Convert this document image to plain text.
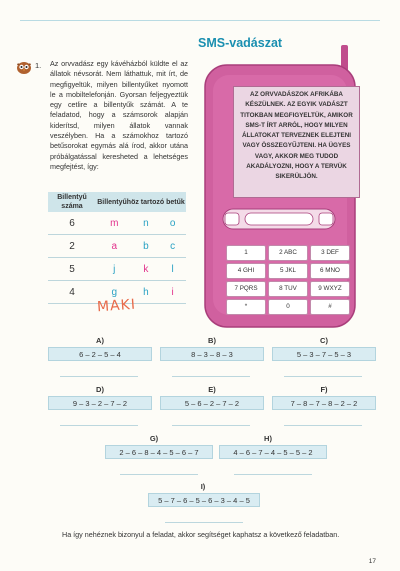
SMS-vadászat
1. Az orvvadász egy kávéházból küldte el az állatok névsorát. Nem láthattuk, mit írt, de megfigyeltük, milyen billentyűket nyomott le a mobiltelefonján. Gyorsan feljegyeztük egy cetlire a billentyűk számát. A te feladatod, hogy a számsorok alapján kiderítsd, milyen állatok vannak veszélyben. Ha a számokhoz tartozó betűsorokat egymás alá írod, akkor utána próbálgatással keresheted a lehetséges megfejtést, így:
Billentyű száma	Billentyűhöz tartozó betűk		
6	m	n	o
2	a	b	c
5	j	k	l
4	g	h	i
MAKI
AZ ORVVADÁSZOK AFRIKÁBA KÉSZÜLNEK. AZ EGYIK VADÁSZT TITOKBAN MEGFIGYELTÜK, AMIKOR SMS-T ÍRT ARRÓL, HOGY MILYEN ÁLLATOKAT TERVEZNEK ELEJTENI VAGY ÖSSZEGYŰJTENI. HA ÜGYES VAGY, AKKOR MEG TUDOD AKADÁLYOZNI, HOGY A TERVÜK SIKERÜLJÖN.
1	2 ABC	3 DEF
4 GHI	5 JKL	6 MNO
7 PQRS	8 TUV	9 WXYZ
*	0	#
A)
6 – 2 – 5 – 4
B)
8 – 3 – 8 – 3
C)
5 – 3 – 7 – 5 – 3
D)
9 – 3 – 2 – 7 – 2
E)
5 – 6 – 2 – 7 – 2
F)
7 – 8 – 7 – 8 – 2 – 2
G)
2 – 6 – 8 – 4 – 5 – 6 – 7
H)
4 – 6 – 7 – 4 – 5 – 5 – 2
I)
5 – 7 – 6 – 5 – 6 – 3 – 4 – 5
Ha így nehéznek bizonyul a feladat, akkor segítséget kaphatsz a következő feladatban.
17
